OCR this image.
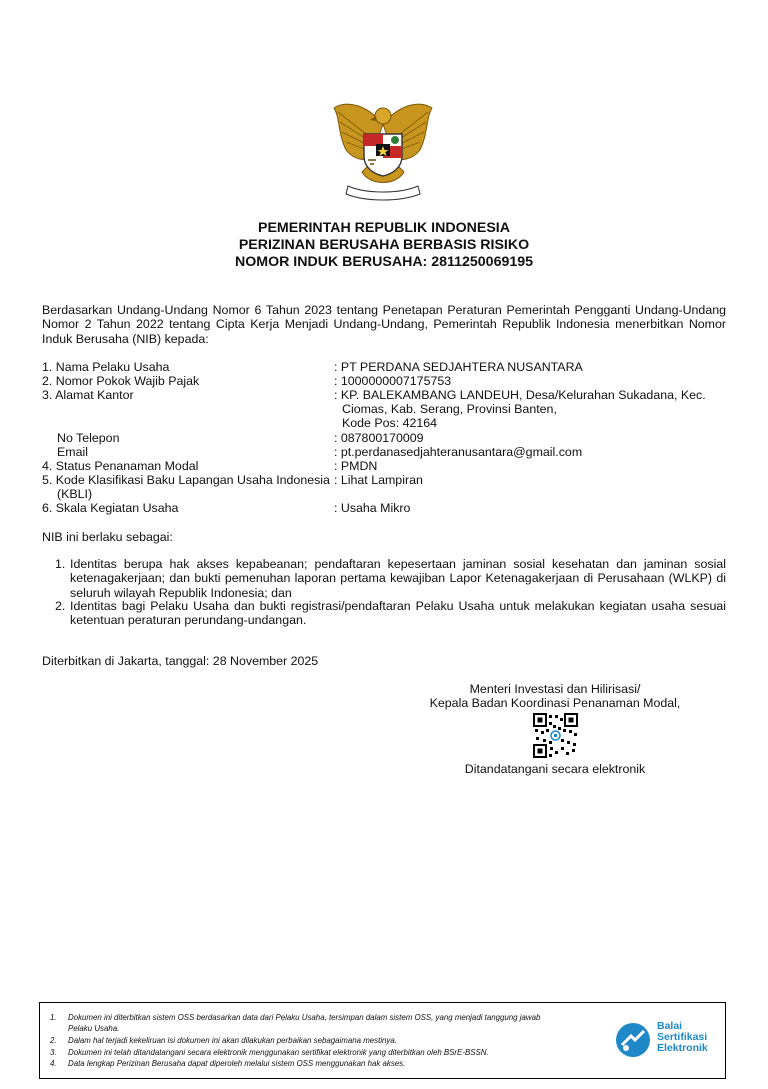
PEMERINTAH REPUBLIK INDONESIA
PERIZINAN BERUSAHA BERBASIS RISIKO
NOMOR INDUK BERUSAHA: 2811250069195
Berdasarkan Undang-Undang Nomor 6 Tahun 2023 tentang Penetapan Peraturan Pemerintah Pengganti Undang-Undang Nomor 2 Tahun 2022 tentang Cipta Kerja Menjadi Undang-Undang, Pemerintah Republik Indonesia menerbitkan Nomor Induk Berusaha (NIB) kepada:
1. Nama Pelaku Usaha	: PT PERDANA SEDJAHTERA NUSANTARA
2. Nomor Pokok Wajib Pajak	: 1000000007175753
3. Alamat Kantor	: KP. BALEKAMBANG LANDEUH, Desa/Kelurahan Sukadana, Kec.
Ciomas, Kab. Serang, Provinsi Banten,
Kode Pos: 42164
No Telepon	: 087800170009
Email	: pt.perdanasedjahteranusantara@gmail.com
4. Status Penanaman Modal	: PMDN
5. Kode Klasifikasi Baku Lapangan Usaha Indonesia
(KBLI)
: Lihat Lampiran
6. Skala Kegiatan Usaha	: Usaha Mikro
NIB ini berlaku sebagai:
1. Identitas berupa hak akses kepabeanan; pendaftaran kepesertaan jaminan sosial kesehatan dan jaminan sosial ketenagakerjaan; dan bukti pemenuhan laporan pertama kewajiban Lapor Ketenagakerjaan di Perusahaan (WLKP) di seluruh wilayah Republik Indonesia; dan
2. Identitas bagi Pelaku Usaha dan bukti registrasi/pendaftaran Pelaku Usaha untuk melakukan kegiatan usaha sesuai ketentuan peraturan perundang-undangan.
Diterbitkan di Jakarta, tanggal: 28 November 2025
Menteri Investasi dan Hilirisasi/
Kepala Badan Koordinasi Penanaman Modal,
Ditandatangani secara elektronik
1. Dokumen ini diterbitkan sistem OSS berdasarkan data dari Pelaku Usaha, tersimpan dalam sistem OSS, yang menjadi tanggung jawab
Pelaku Usaha.
2. Dalam hal terjadi kekeliruan isi dokumen ini akan dilakukan perbaikan sebagaimana mestinya.
3. Dokumen ini telah ditandatangani secara elektronik menggunakan sertifikat elektronik yang diterbitkan oleh BSrE-BSSN.
4. Data lengkap Perizinan Berusaha dapat diperoleh melalui sistem OSS menggunakan hak akses.
Balai
Sertifikasi
Elektronik
